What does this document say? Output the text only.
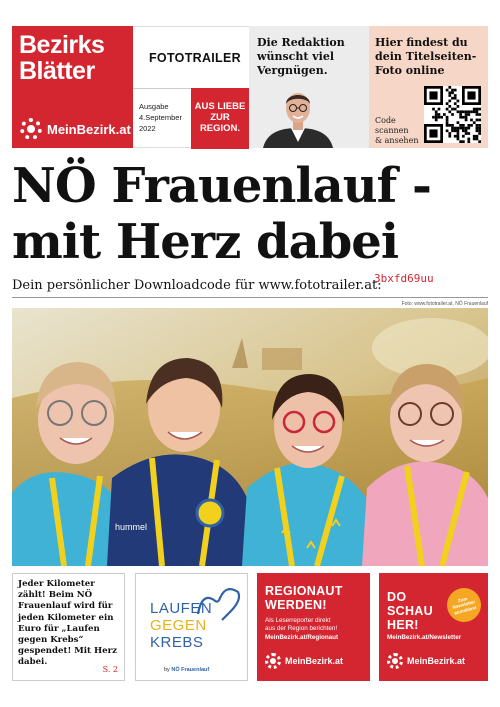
Bezirks
Blätter
MeinBezirk.at
FOTOTRAILER
Ausgabe
4.September 2022
AUS LIEBE ZUR REGION.
Die Redaktion wünscht viel Vergnügen.
Hier findest du dein Titelseiten-Foto online
Code
scannen
& ansehen
NÖ Frauenlauf -
mit Herz dabei
Dein persönlicher Downloadcode für www.fototrailer.at:
3bxfd69uu
Foto: www.fototrailer.at, NÖ Frauenlauf
hummel
Jeder Kilometer zählt! Beim NÖ Frauenlauf wird für jeden Kilometer ein Euro für „Laufen gegen Krebs“ gespendet! Mit Herz dabei.
S. 2
LAUFEN
GEGEN
KREBS
by NÖ Frauenlauf
REGIONAUT
WERDEN!
Als Leserreporter direkt
aus der Region berichten!
MeinBezirk.at/Regionaut
MeinBezirk.at
DO
SCHAU
HER!
Zum Newsletter anmelden!
MeinBezirk.at/Newsletter
MeinBezirk.at
